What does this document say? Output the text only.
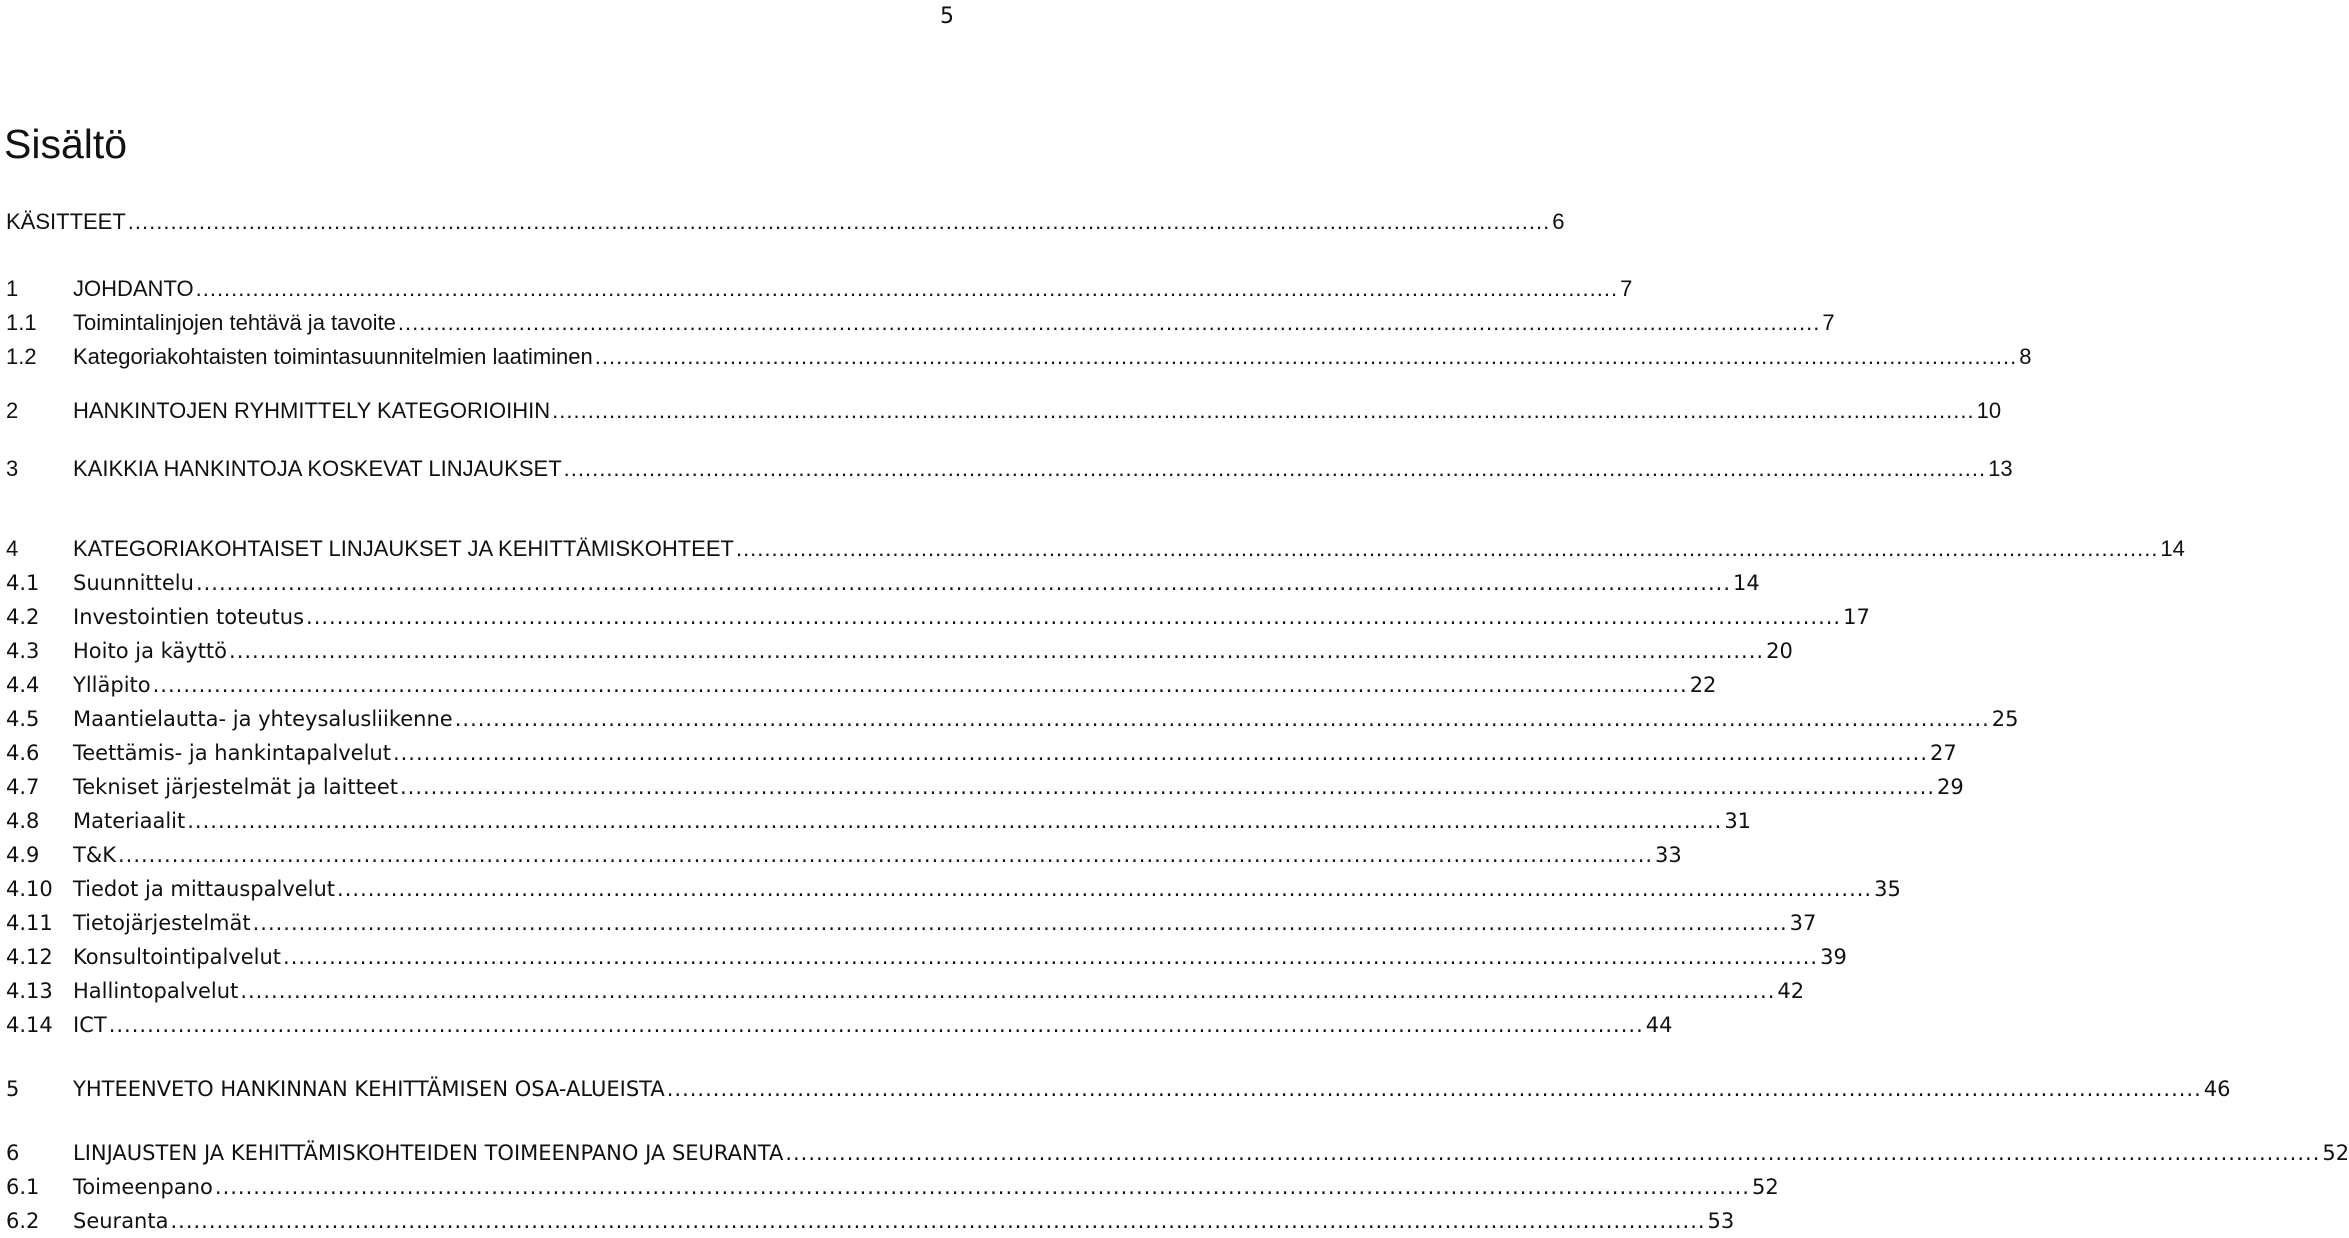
5
Sisältö
KÄSITTEET ........................................................................................................................................................................................................ 6
1	JOHDANTO ........................................................................................................................................................................................................ 7
1.1	Toimintalinjojen tehtävä ja tavoite ........................................................................................................................................................................................................ 7
1.2	Kategoriakohtaisten toimintasuunnitelmien laatiminen ........................................................................................................................................................................................................ 8
2	HANKINTOJEN RYHMITTELY KATEGORIOIHIN ........................................................................................................................................................................................................ 10
3	KAIKKIA HANKINTOJA KOSKEVAT LINJAUKSET ........................................................................................................................................................................................................ 13
4	KATEGORIAKOHTAISET LINJAUKSET JA KEHITTÄMISKOHTEET ........................................................................................................................................................................................................ 14
4.1	Suunnittelu ........................................................................................................................................................................................................ 14
4.2	Investointien toteutus ........................................................................................................................................................................................................ 17
4.3	Hoito ja käyttö ........................................................................................................................................................................................................ 20
4.4	Ylläpito ........................................................................................................................................................................................................ 22
4.5	Maantielautta- ja yhteysalusliikenne ........................................................................................................................................................................................................ 25
4.6	Teettämis- ja hankintapalvelut ........................................................................................................................................................................................................ 27
4.7	Tekniset järjestelmät ja laitteet ........................................................................................................................................................................................................ 29
4.8	Materiaalit ........................................................................................................................................................................................................ 31
4.9	T&K ........................................................................................................................................................................................................ 33
4.10 Tiedot ja mittauspalvelut ........................................................................................................................................................................................................ 35
4.11 Tietojärjestelmät ........................................................................................................................................................................................................ 37
4.12 Konsultointipalvelut ........................................................................................................................................................................................................ 39
4.13 Hallintopalvelut ........................................................................................................................................................................................................ 42
4.14 ICT ........................................................................................................................................................................................................ 44
5	YHTEENVETO HANKINNAN KEHITTÄMISEN OSA-ALUEISTA ........................................................................................................................................................................................................ 46
6	LINJAUSTEN JA KEHITTÄMISKOHTEIDEN TOIMEENPANO JA SEURANTA ........................................................................................................................................................................................................ 52
6.1	Toimeenpano ........................................................................................................................................................................................................ 52
6.2	Seuranta ........................................................................................................................................................................................................ 53
